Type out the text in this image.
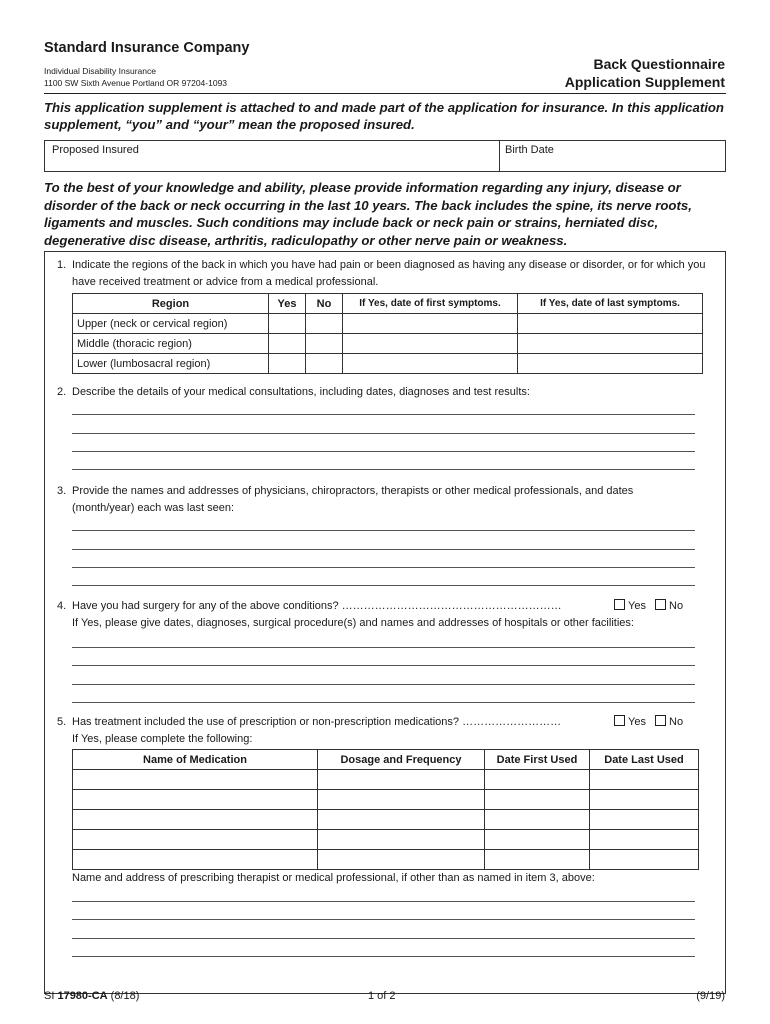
Standard Insurance Company
Individual Disability Insurance
1100 SW Sixth Avenue Portland OR 97204-1093
Back Questionnaire
Application Supplement
This application supplement is attached to and made part of the application for insurance. In this application supplement, “you” and “your” mean the proposed insured.
Proposed Insured	Birth Date
To the best of your knowledge and ability, please provide information regarding any injury, disease or disorder of the back or neck occurring in the last 10 years. The back includes the spine, its nerve roots, ligaments and muscles. Such conditions may include back or neck pain or strains, herniated disc, degenerative disc disease, arthritis, radiculopathy or other nerve pain or weakness.
1. Indicate the regions of the back in which you have had pain or been diagnosed as having any disease or disorder, or for which you have received treatment or advice from a medical professional.
Region	Yes	No	If Yes, date of first symptoms.	If Yes, date of last symptoms.
Upper (neck or cervical region)				
Middle (thoracic region)				
Lower (lumbosacral region)				
2. Describe the details of your medical consultations, including dates, diagnoses and test results:
3. Provide the names and addresses of physicians, chiropractors, therapists or other medical professionals, and dates (month/year) each was last seen:
4. Have you had surgery for any of the above conditions? ……………………………………………………	Yes No
If Yes, please give dates, diagnoses, surgical procedure(s) and names and addresses of hospitals or other facilities:
5. Has treatment included the use of prescription or non-prescription medications? ………………………	Yes No
If Yes, please complete the following:
Name of Medication	Dosage and Frequency	Date First Used	Date Last Used

Name and address of prescribing therapist or medical professional, if other than as named in item 3, above:
SI 17980-CA (8/18)	1 of 2	(9/19)
